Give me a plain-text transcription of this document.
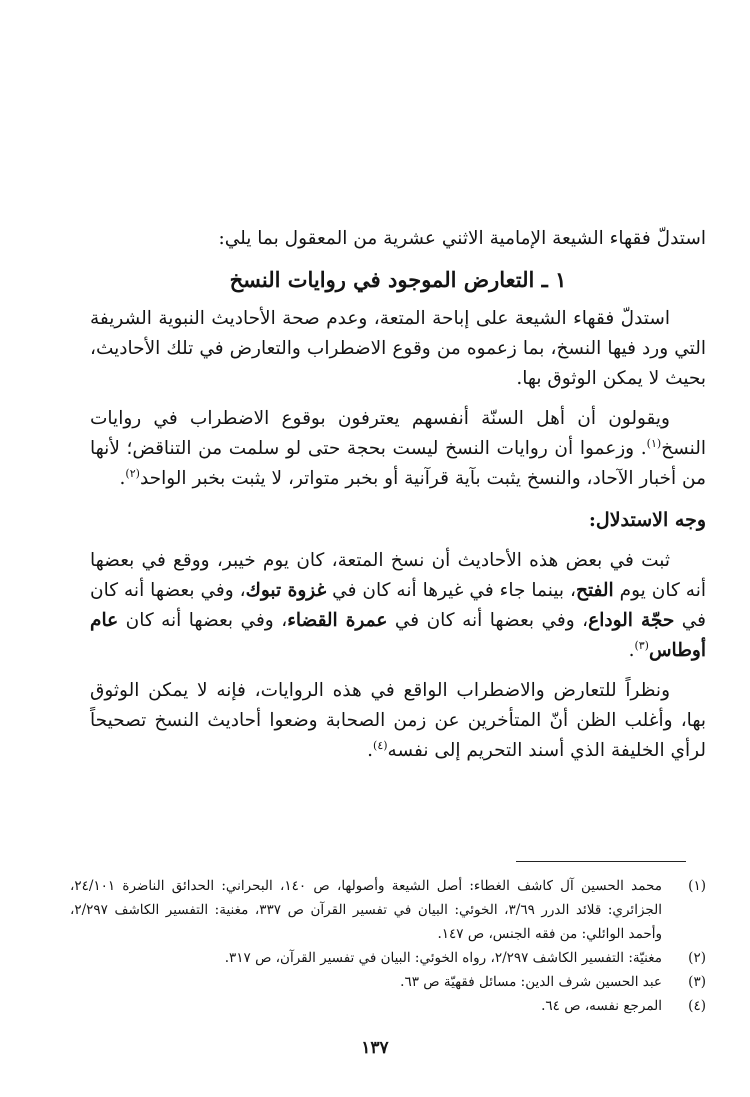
استدلّ فقهاء الشيعة الإمامية الاثني عشرية من المعقول بما يلي:

١ ـ التعارض الموجود في روايات النسخ

استدلّ فقهاء الشيعة على إباحة المتعة، وعدم صحة الأحاديث النبوية الشريفة التي ورد فيها النسخ، بما زعموه من وقوع الاضطراب والتعارض في تلك الأحاديث، بحيث لا يمكن الوثوق بها.

ويقولون أن أهل السنّة أنفسهم يعترفون بوقوع الاضطراب في روايات النسخ$^{(١)}$. وزعموا أن روايات النسخ ليست بحجة حتى لو سلمت من التناقض؛ لأنها من أخبار الآحاد، والنسخ يثبت بآية قرآنية أو بخبر متواتر، لا يثبت بخبر الواحد$^{(٢)}$.

وجه الاستدلال:

ثبت في بعض هذه الأحاديث أن نسخ المتعة، كان يوم خيبر، ووقع في بعضها أنه كان يوم الفتح، بينما جاء في غيرها أنه كان في غزوة تبوك، وفي بعضها أنه كان في حجّة الوداع، وفي بعضها أنه كان في عمرة القضاء، وفي بعضها أنه كان عام أوطاس$^{(٣)}$.

ونظراً للتعارض والاضطراب الواقع في هذه الروايات، فإنه لا يمكن الوثوق بها، وأغلب الظن أنّ المتأخرين عن زمن الصحابة وضعوا أحاديث النسخ تصحيحاً لرأي الخليفة الذي أسند التحريم إلى نفسه$^{(٤)}$.

(١)
محمد الحسين آل كاشف الغطاء: أصل الشيعة وأصولها، ص ١٤٠، البحراني: الحدائق الناضرة ٢٤/١٠١، الجزائري: قلائد الدرر ٣/٦٩، الخوئي: البيان في تفسير القرآن ص ٣٣٧، مغنية: التفسير الكاشف ٢/٢٩٧، وأحمد الوائلي: من فقه الجنس، ص ١٤٧.

(٢)
مغنيّة: التفسير الكاشف ٢/٢٩٧، رواه الخوئي: البيان في تفسير القرآن، ص ٣١٧.

(٣)
عبد الحسين شرف الدين: مسائل فقهيّة ص ٦٣.

(٤)
المرجع نفسه، ص ٦٤.

١٣٧
